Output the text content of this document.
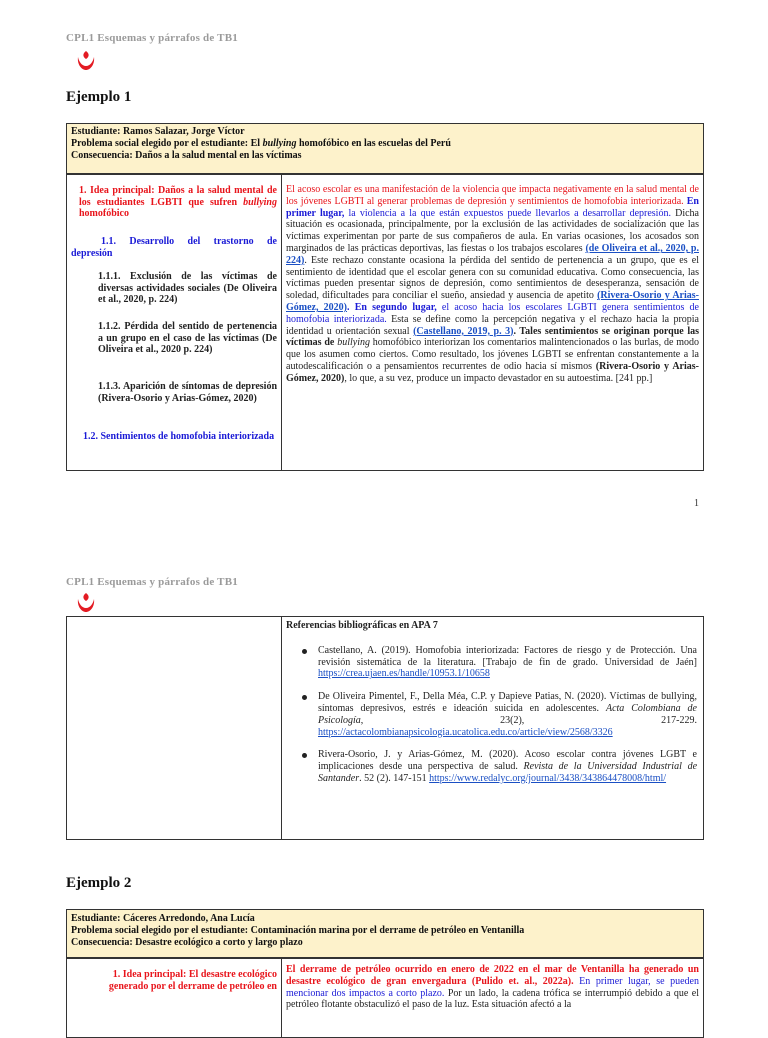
CPL1 Esquemas y párrafos de TB1
Ejemplo 1
Estudiante: Ramos Salazar, Jorge Víctor
Problema social elegido por el estudiante: El bullying homofóbico en las escuelas del Perú
Consecuencia: Daños a la salud mental en las víctimas
1. Idea principal: Daños a la salud mental de los estudiantes LGBTI que sufren bullying homofóbico
1.1. Desarrollo del trastorno de depresión
1.1.1. Exclusión de las víctimas de diversas actividades sociales (De Oliveira et al., 2020, p. 224)
1.1.2. Pérdida del sentido de pertenencia a un grupo en el caso de las víctimas (De Oliveira et al., 2020 p. 224)
1.1.3. Aparición de síntomas de depresión (Rivera-Osorio y Arias-Gómez, 2020)
1.2. Sentimientos de homofobia interiorizada
El acoso escolar es una manifestación de la violencia que impacta negativamente en la salud mental de los jóvenes LGBTI al generar problemas de depresión y sentimientos de homofobia interiorizada. En primer lugar, la violencia a la que están expuestos puede llevarlos a desarrollar depresión. Dicha situación es ocasionada, principalmente, por la exclusión de las actividades de socialización que las víctimas experimentan por parte de sus compañeros de aula. En varias ocasiones, los acosados son marginados de las prácticas deportivas, las fiestas o los trabajos escolares (de Oliveira et al., 2020, p. 224). Este rechazo constante ocasiona la pérdida del sentido de pertenencia a un grupo, que es el sentimiento de identidad que el escolar genera con su comunidad educativa. Como consecuencia, las víctimas pueden presentar signos de depresión, como sentimientos de desesperanza, sensación de soledad, dificultades para conciliar el sueño, ansiedad y ausencia de apetito (Rivera-Osorio y Arias-Gómez, 2020). En segundo lugar, el acoso hacia los escolares LGBTI genera sentimientos de homofobia interiorizada. Esta se define como la percepción negativa y el rechazo hacia la propia identidad u orientación sexual (Castellano, 2019, p. 3). Tales sentimientos se originan porque las víctimas de bullying homofóbico interiorizan los comentarios malintencionados o las burlas, de modo que los asumen como ciertos. Como resultado, los jóvenes LGBTI se enfrentan constantemente a la autodescalificación o a pensamientos recurrentes de odio hacia sí mismos (Rivera-Osorio y Arias-Gómez, 2020), lo que, a su vez, produce un impacto devastador en su autoestima. [241 pp.]
1
CPL1 Esquemas y párrafos de TB1
Referencias bibliográficas en APA 7
Castellano, A. (2019). Homofobia interiorizada: Factores de riesgo y de Protección. Una revisión sistemática de la literatura. [Trabajo de fin de grado. Universidad de Jaén] https://crea.ujaen.es/handle/10953.1/10658
De Oliveira Pimentel, F., Della Méa, C.P. y Dapieve Patias, N. (2020). Víctimas de bullying, síntomas depresivos, estrés e ideación suicida en adolescentes. Acta Colombiana de Psicología, 23(2), 217-229. https://actacolombianapsicologia.ucatolica.edu.co/article/view/2568/3326
Rivera-Osorio, J. y Arias-Gómez, M. (2020). Acoso escolar contra jóvenes LGBT e implicaciones desde una perspectiva de salud. Revista de la Universidad Industrial de Santander. 52 (2). 147-151 https://www.redalyc.org/journal/3438/343864478008/html/
Ejemplo 2
Estudiante: Cáceres Arredondo, Ana Lucía
Problema social elegido por el estudiante: Contaminación marina por el derrame de petróleo en Ventanilla
Consecuencia: Desastre ecológico a corto y largo plazo
1. Idea principal: El desastre ecológico generado por el derrame de petróleo en
El derrame de petróleo ocurrido en enero de 2022 en el mar de Ventanilla ha generado un desastre ecológico de gran envergadura (Pulido et. al., 2022a). En primer lugar, se pueden mencionar dos impactos a corto plazo. Por un lado, la cadena trófica se interrumpió debido a que el petróleo flotante obstaculizó el paso de la luz. Esta situación afectó a la
